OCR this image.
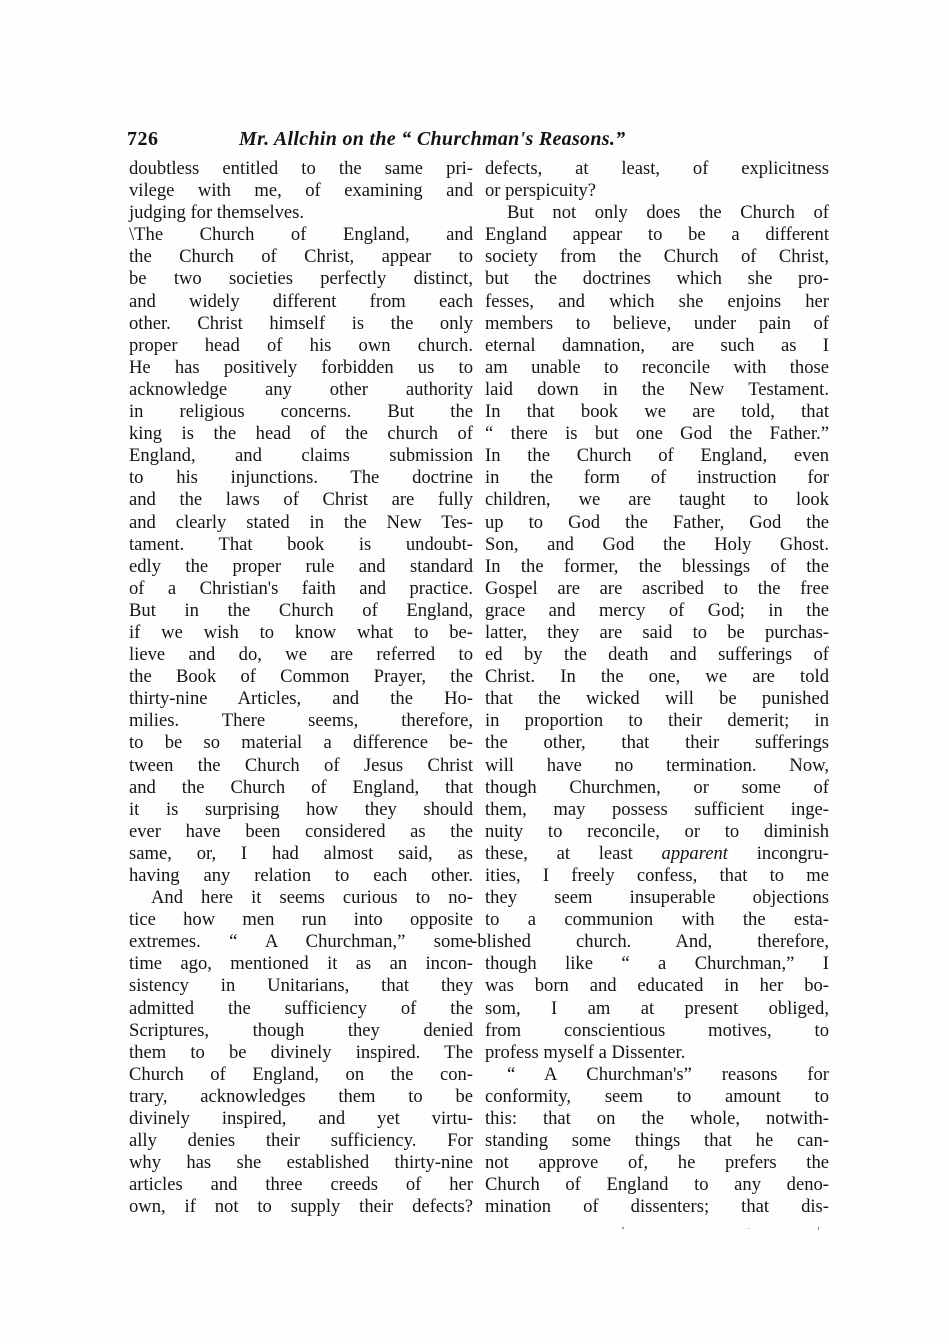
726	Mr. Allchin on the “ Churchman's Reasons.”
doubtless entitled to the same pri-
vilege with me, of examining and
judging for themselves.
\The Church of England, and
the Church of Christ, appear to
be two societies perfectly distinct,
and widely different from each
other. Christ himself is the only
proper head of his own church.
He has positively forbidden us to
acknowledge any other authority
in religious concerns. But the
king is the head of the church of
England, and claims submission
to his injunctions. The doctrine
and the laws of Christ are fully
and clearly stated in the New Tes-
tament. That book is undoubt-
edly the proper rule and standard
of a Christian's faith and practice.
But in the Church of England,
if we wish to know what to be-
lieve and do, we are referred to
the Book of Common Prayer, the
thirty-nine Articles, and the Ho-
milies. There seems, therefore,
to be so material a difference be-
tween the Church of Jesus Christ
and the Church of England, that
it is surprising how they should
ever have been considered as the
same, or, I had almost said, as
having any relation to each other.
And here it seems curious to no-
tice how men run into opposite
extremes. “ A Churchman,” some
time ago, mentioned it as an incon-
sistency in Unitarians, that they
admitted the sufficiency of the
Scriptures, though they denied
them to be divinely inspired. The
Church of England, on the con-
trary, acknowledges them to be
divinely inspired, and yet virtu-
ally denies their sufficiency. For
why has she established thirty-nine
articles and three creeds of her
own, if not to supply their defects?
defects, at least, of explicitness
or perspicuity?
But not only does the Church of
England appear to be a different
society from the Church of Christ,
but the doctrines which she pro-
fesses, and which she enjoins her
members to believe, under pain of
eternal damnation, are such as I
am unable to reconcile with those
laid down in the New Testament.
In that book we are told, that
“ there is but one God the Father.”
In the Church of England, even
in the form of instruction for
children, we are taught to look
up to God the Father, God the
Son, and God the Holy Ghost.
In the former, the blessings of the
Gospel are are ascribed to the free
grace and mercy of God; in the
latter, they are said to be purchas-
ed by the death and sufferings of
Christ. In the one, we are told
that the wicked will be punished
in proportion to their demerit; in
the other, that their sufferings
will have no termination. Now,
though Churchmen, or some of
them, may possess sufficient inge-
nuity to reconcile, or to diminish
these, at least apparent incongru-
ities, I freely confess, that to me
they seem insuperable objections
to a communion with the esta-
-blished church. And, therefore,
though like “ a Churchman,” I
was born and educated in her bo-
som, I am at present obliged,
from conscientious motives, to
profess myself a Dissenter.
“ A Churchman's” reasons for
conformity, seem to amount to
this: that on the whole, notwith-
standing some things that he can-
not approve of, he prefers the
Church of England to any deno-
mination of dissenters; that dis-
